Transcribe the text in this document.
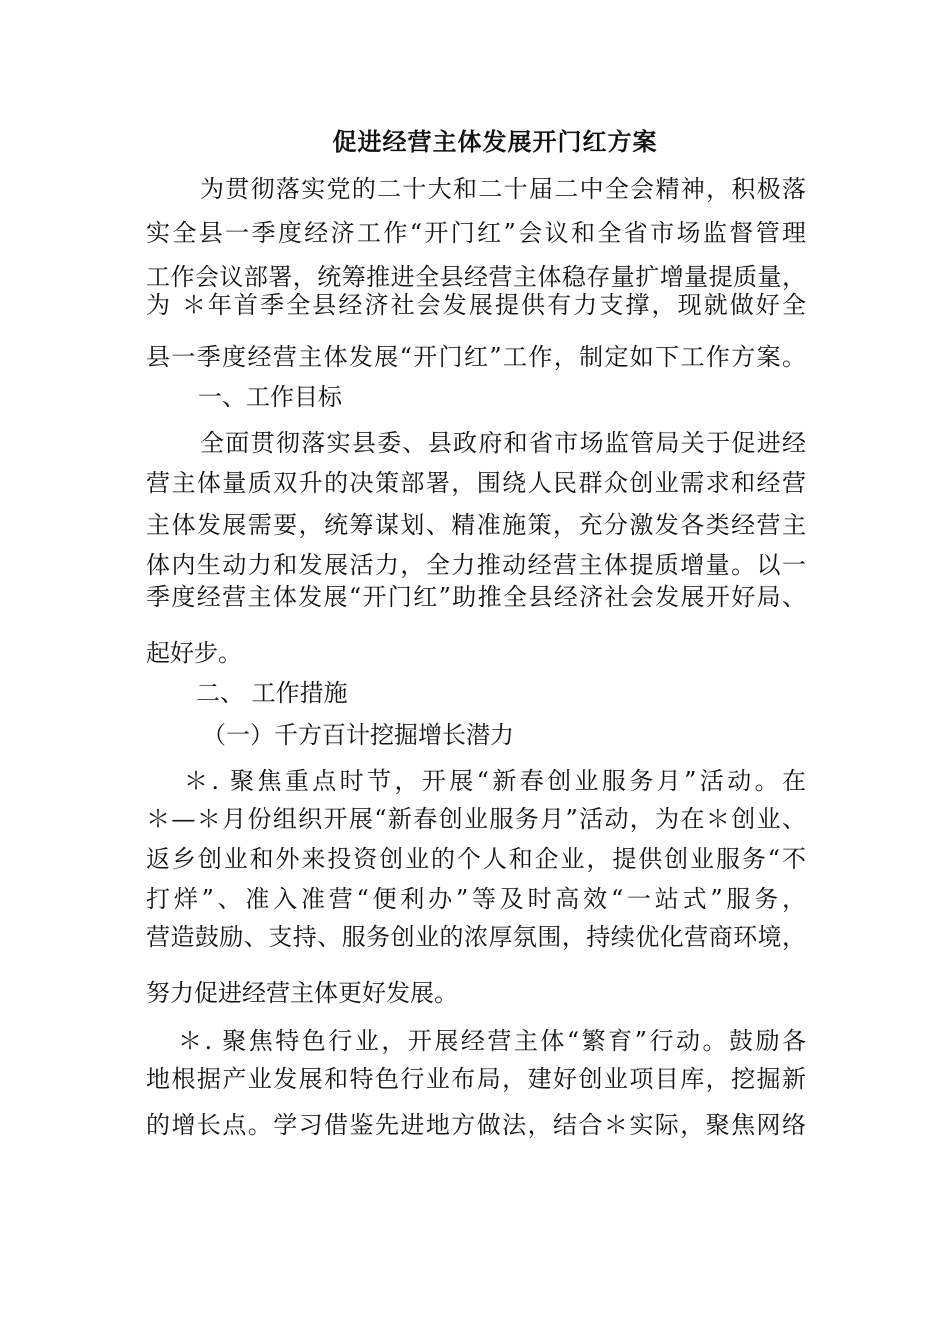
促进经营主体发展开门红方案
为贯彻落实党的二十大和二十届二中全会精神，积极落
实全县一季度经济工作“开门红”会议和全省市场监督管理
工作会议部署，统筹推进全县经营主体稳存量扩增量提质量，
为 ＊年首季全县经济社会发展提供有力支撑，现就做好全
县一季度经营主体发展“开门红”工作，制定如下工作方案。
一、工作目标
全面贯彻落实县委、县政府和省市场监管局关于促进经
营主体量质双升的决策部署，围绕人民群众创业需求和经营
主体发展需要，统筹谋划、精准施策，充分激发各类经营主
体内生动力和发展活力，全力推动经营主体提质增量。以一
季度经营主体发展“开门红”助推全县经济社会发展开好局、
起好步。
二、 工作措施
（一）千方百计挖掘增长潜力
＊. 聚焦重点时节，开展“新春创业服务月”活动。在
＊—＊月份组织开展“新春创业服务月”活动，为在＊创业、
返乡创业和外来投资创业的个人和企业，提供创业服务“不
打烊”、准入准营“便利办”等及时高效“一站式”服务，
营造鼓励、支持、服务创业的浓厚氛围，持续优化营商环境，
努力促进经营主体更好发展。
＊. 聚焦特色行业，开展经营主体“繁育”行动。鼓励各
地根据产业发展和特色行业布局，建好创业项目库，挖掘新
的增长点。学习借鉴先进地方做法，结合＊实际，聚焦网络
